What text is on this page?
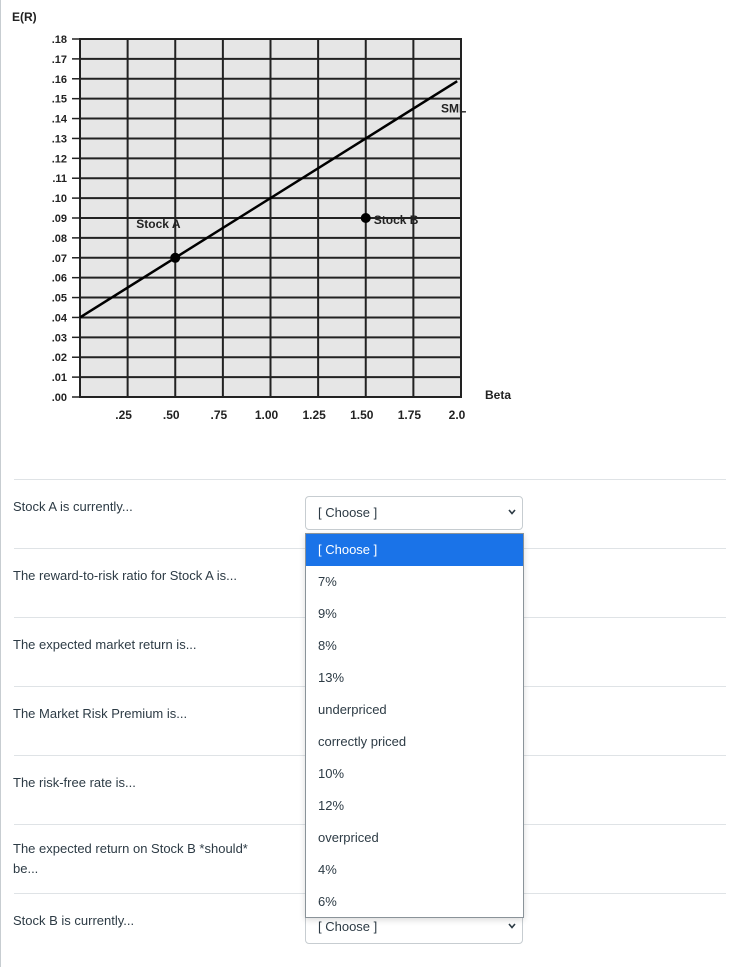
.18
.17
.16
.15
.14
.13
.12
.11
.10
.09
.08
.07
.06
.05
.04
.03
.02
.01
.00
.25	.50	.75 1.00 1.25 1.50 1.75 2.0
SML
Stock A	Stock B
E(R)
Beta
Stock A is currently...	[ Choose ]
The reward-to-risk ratio for Stock A is...
The expected market return is...
The Market Risk Premium is...
The risk-free rate is...
The expected return on Stock B *should* be...
Stock B is currently...	[ Choose ]
[ Choose ]
7%
9%
8%
13%
underpriced
correctly priced
10%
12%
overpriced
4%
6%
